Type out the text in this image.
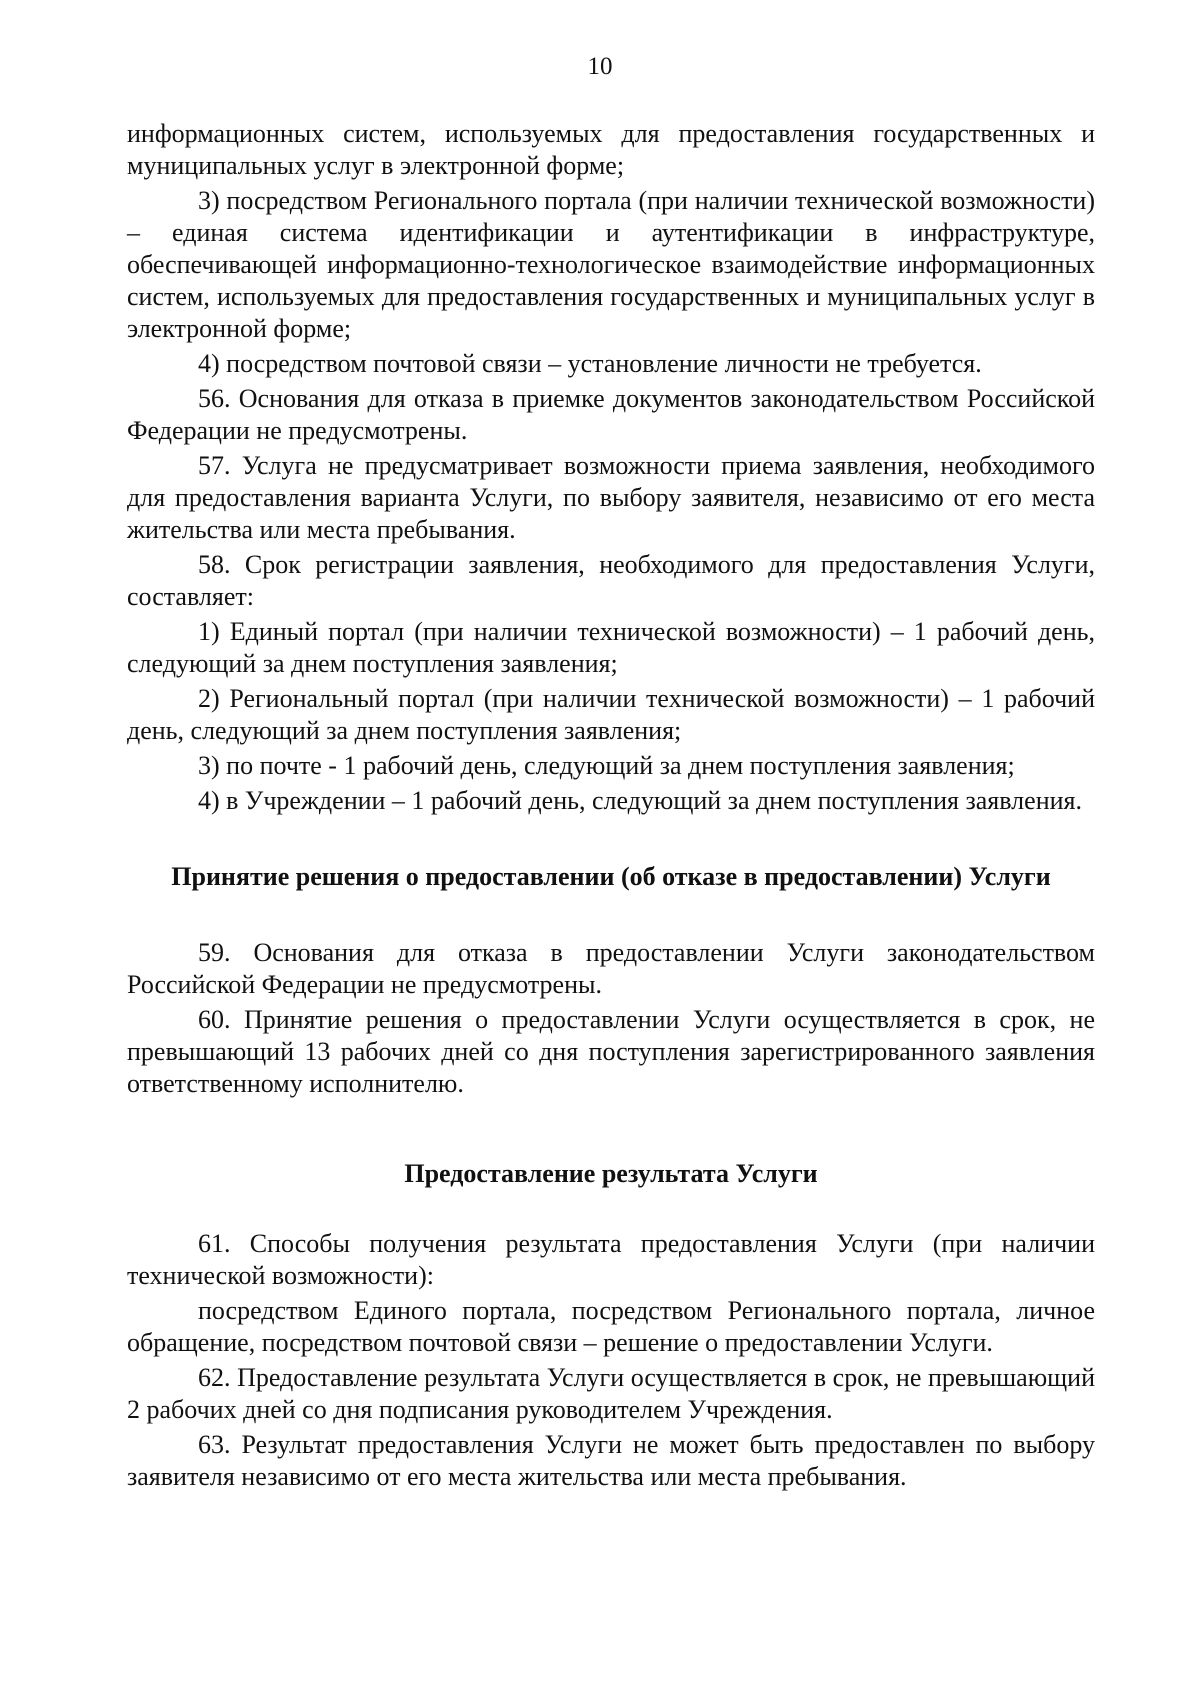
10

информационных систем, используемых для предоставления государственных и муниципальных услуг в электронной форме;

3) посредством Регионального портала (при наличии технической возможности) – единая система идентификации и аутентификации в инфраструктуре, обеспечивающей информационно-технологическое взаимодействие информационных систем, используемых для предоставления государственных и муниципальных услуг в электронной форме;

4) посредством почтовой связи – установление личности не требуется.

56. Основания для отказа в приемке документов законодательством Российской Федерации не предусмотрены.

57. Услуга не предусматривает возможности приема заявления, необходимого для предоставления варианта Услуги, по выбору заявителя, независимо от его места жительства или места пребывания.

58. Срок регистрации заявления, необходимого для предоставления Услуги, составляет:

1) Единый портал (при наличии технической возможности) – 1 рабочий день, следующий за днем поступления заявления;

2) Региональный портал (при наличии технической возможности) – 1 рабочий день, следующий за днем поступления заявления;

3) по почте - 1 рабочий день, следующий за днем поступления заявления;

4) в Учреждении – 1 рабочий день, следующий за днем поступления заявления.

Принятие решения о предоставлении (об отказе в предоставлении) Услуги

59. Основания для отказа в предоставлении Услуги законодательством Российской Федерации не предусмотрены.

60. Принятие решения о предоставлении Услуги осуществляется в срок, не превышающий 13 рабочих дней со дня поступления зарегистрированного заявления ответственному исполнителю.

Предоставление результата Услуги

61. Способы получения результата предоставления Услуги (при наличии технической возможности):

посредством Единого портала, посредством Регионального портала, личное обращение, посредством почтовой связи – решение о предоставлении Услуги.

62. Предоставление результата Услуги осуществляется в срок, не превышающий 2 рабочих дней со дня подписания руководителем Учреждения.

63. Результат предоставления Услуги не может быть предоставлен по выбору заявителя независимо от его места жительства или места пребывания.
